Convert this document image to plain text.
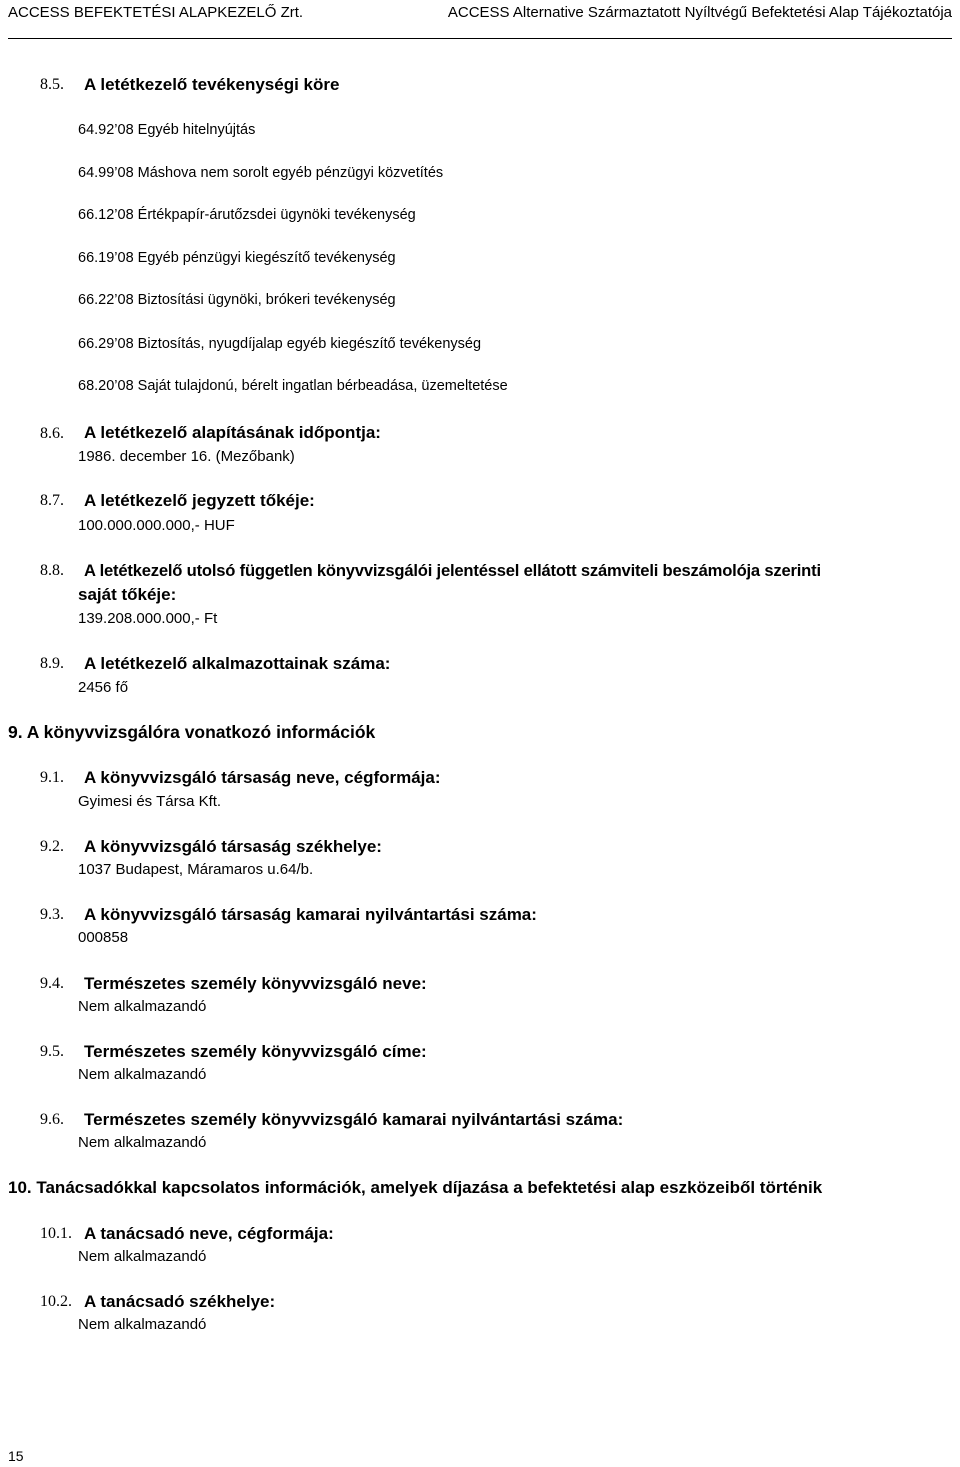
ACCESS BEFEKTETÉSI ALAPKEZELŐ Zrt.	ACCESS Alternative Származtatott Nyíltvégű Befektetési Alap Tájékoztatója
8.5. A letétkezelő tevékenységi köre
64.92’08 Egyéb hitelnyújtás
64.99’08 Máshova nem sorolt egyéb pénzügyi közvetítés
66.12’08 Értékpapír-árutőzsdei ügynöki tevékenység
66.19’08 Egyéb pénzügyi kiegészítő tevékenység
66.22’08 Biztosítási ügynöki, brókeri tevékenység
66.29’08 Biztosítás, nyugdíjalap egyéb kiegészítő tevékenység
68.20’08 Saját tulajdonú, bérelt ingatlan bérbeadása, üzemeltetése
8.6. A letétkezelő alapításának időpontja:
1986. december 16. (Mezőbank)
8.7. A letétkezelő jegyzett tőkéje:
100.000.000.000,- HUF
8.8. A letétkezelő utolsó független könyvvizsgálói jelentéssel ellátott számviteli beszámolója szerinti
saját tőkéje:
139.208.000.000,- Ft
8.9. A letétkezelő alkalmazottainak száma:
2456 fő
9. A könyvvizsgálóra vonatkozó információk
9.1. A könyvvizsgáló társaság neve, cégformája:
Gyimesi és Társa Kft.
9.2. A könyvvizsgáló társaság székhelye:
1037 Budapest, Máramaros u.64/b.
9.3. A könyvvizsgáló társaság kamarai nyilvántartási száma:
000858
9.4. Természetes személy könyvvizsgáló neve:
Nem alkalmazandó
9.5. Természetes személy könyvvizsgáló címe:
Nem alkalmazandó
9.6. Természetes személy könyvvizsgáló kamarai nyilvántartási száma:
Nem alkalmazandó
10. Tanácsadókkal kapcsolatos információk, amelyek díjazása a befektetési alap eszközeiből történik
10.1. A tanácsadó neve, cégformája:
Nem alkalmazandó
10.2. A tanácsadó székhelye:
Nem alkalmazandó
15
